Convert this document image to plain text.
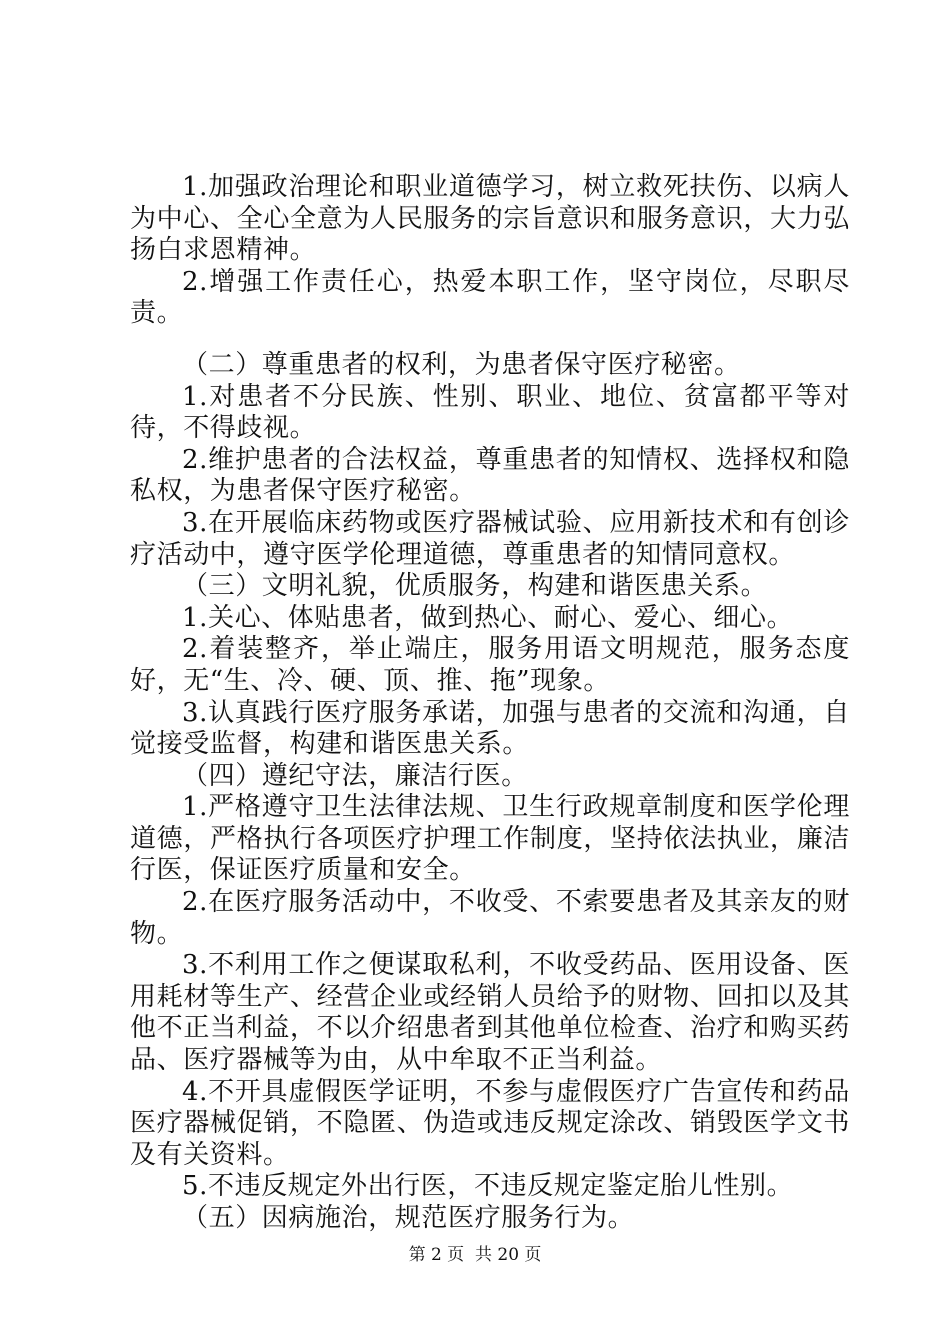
1.加强政治理论和职业道德学习，树立救死扶伤、以病人为中心、全心全意为人民服务的宗旨意识和服务意识，大力弘扬白求恩精神。

2.增强工作责任心，热爱本职工作，坚守岗位，尽职尽责。

（二）尊重患者的权利，为患者保守医疗秘密。

1.对患者不分民族、性别、职业、地位、贫富都平等对待，不得歧视。

2.维护患者的合法权益，尊重患者的知情权、选择权和隐私权，为患者保守医疗秘密。

3.在开展临床药物或医疗器械试验、应用新技术和有创诊疗活动中，遵守医学伦理道德，尊重患者的知情同意权。

（三）文明礼貌，优质服务，构建和谐医患关系。

1.关心、体贴患者，做到热心、耐心、爱心、细心。

2.着装整齐，举止端庄，服务用语文明规范，服务态度好，无“生、冷、硬、顶、推、拖”现象。

3.认真践行医疗服务承诺，加强与患者的交流和沟通，自觉接受监督，构建和谐医患关系。

（四）遵纪守法，廉洁行医。

1.严格遵守卫生法律法规、卫生行政规章制度和医学伦理道德，严格执行各项医疗护理工作制度，坚持依法执业，廉洁行医，保证医疗质量和安全。

2.在医疗服务活动中，不收受、不索要患者及其亲友的财物。

3.不利用工作之便谋取私利，不收受药品、医用设备、医用耗材等生产、经营企业或经销人员给予的财物、回扣以及其他不正当利益，不以介绍患者到其他单位检查、治疗和购买药品、医疗器械等为由，从中牟取不正当利益。

4.不开具虚假医学证明，不参与虚假医疗广告宣传和药品医疗器械促销，不隐匿、伪造或违反规定涂改、销毁医学文书及有关资料。

5.不违反规定外出行医，不违反规定鉴定胎儿性别。

（五）因病施治，规范医疗服务行为。

第 2 页  共 20 页
